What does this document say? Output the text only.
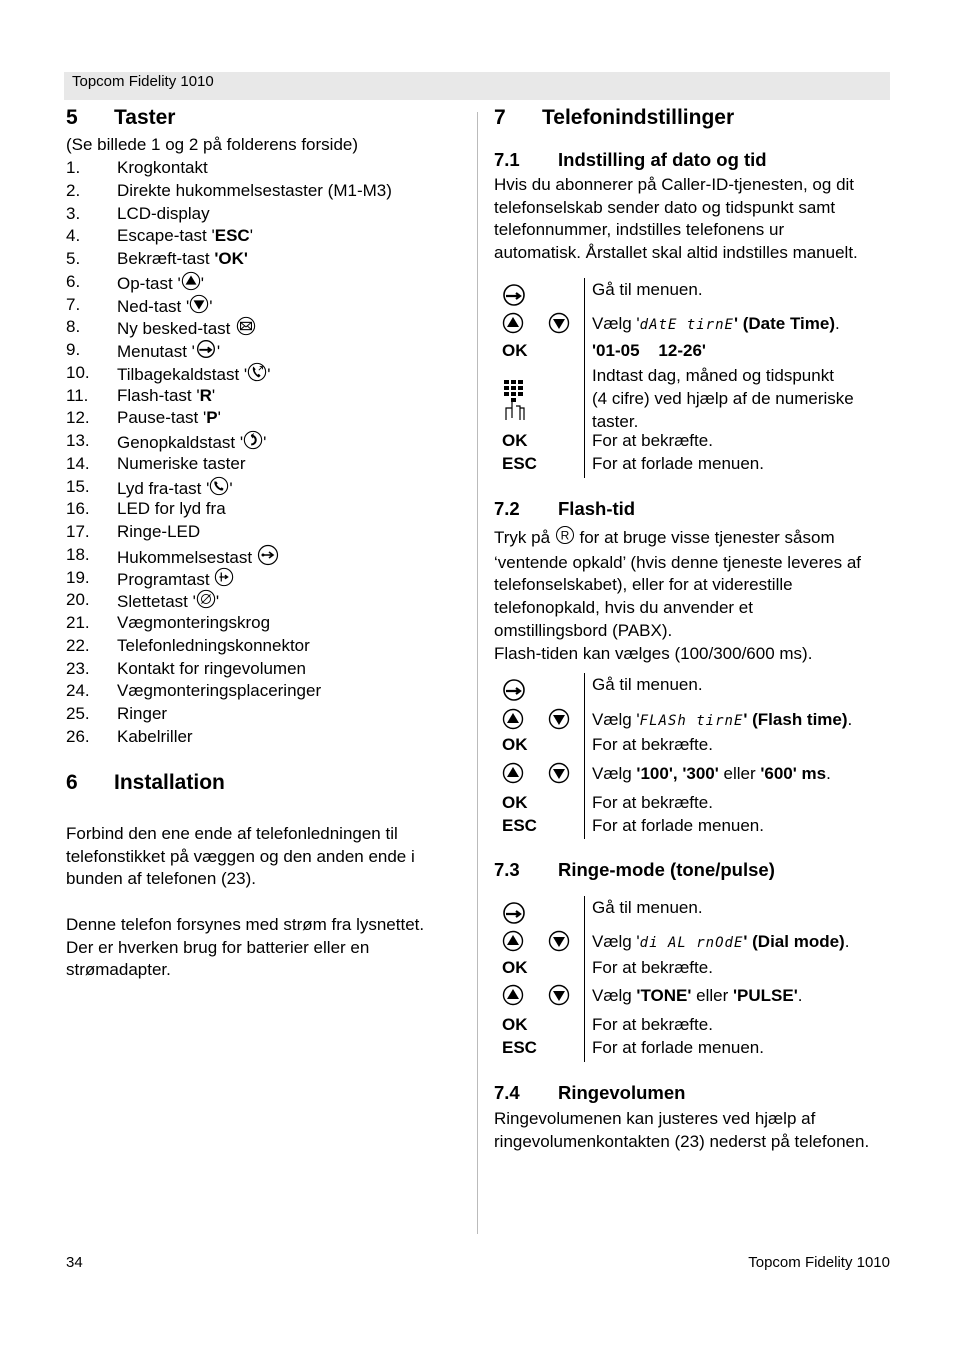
Topcom Fidelity 1010
5 Taster
(Se billede 1 og 2 på folderens forside)
1. Krogkontakt
2. Direkte hukommelsestaster (M1-M3)
3. LCD-display
4. Escape-tast 'ESC'
5. Bekræft-tast 'OK'
6. Op-tast ' '
7. Ned-tast ' '
8. Ny besked-tast
9. Menutast ' '
10. Tilbagekaldstast ' '
11. Flash-tast 'R'
12. Pause-tast 'P'
13. Genopkaldstast ' '
14. Numeriske taster
15. Lyd fra-tast ' '
16. LED for lyd fra
17. Ringe-LED
18. Hukommelsestast
19. Programtast
20. Slettetast ' '
21. Vægmonteringskrog
22. Telefonledningskonnektor
23. Kontakt for ringevolumen
24. Vægmonteringsplaceringer
25. Ringer
26. Kabelriller
6 Installation
Forbind den ene ende af telefonledningen til
telefonstikket på væggen og den anden ende i
bunden af telefonen (23).
Denne telefon forsynes med strøm fra lysnettet.
Der er hverken brug for batterier eller en
strømadapter.
7 Telefonindstillinger
7.1 Indstilling af dato og tid
Hvis du abonnerer på Caller-ID-tjenesten, og dit
telefonselskab sender dato og tidspunkt samt
telefonnummer, indstilles telefonens ur
automatisk. Årstallet skal altid indstilles manuelt.
Gå til menuen.
Vælg 'dAtE tirnE' (Date Time).
OK	'01-05    12-26'
Indtast dag, måned og tidspunkt
(4 cifre) ved hjælp af de numeriske
taster.
OK	For at bekræfte.
ESC	For at forlade menuen.
7.2 Flash-tid
Tryk på R for at bruge visse tjenester såsom
‘ventende opkald’ (hvis denne tjeneste leveres af
telefonselskabet), eller for at viderestille
telefonopkald, hvis du anvender et
omstillingsbord (PABX).
Flash-tiden kan vælges (100/300/600 ms).
Gå til menuen.
Vælg 'FLASh tirnE' (Flash time).
OK	For at bekræfte.
Vælg '100', '300' eller '600' ms.
OK	For at bekræfte.
ESC	For at forlade menuen.
7.3 Ringe-mode (tone/pulse)
Gå til menuen.
Vælg 'di AL rnOdE' (Dial mode).
OK	For at bekræfte.
Vælg 'TONE' eller 'PULSE'.
OK	For at bekræfte.
ESC	For at forlade menuen.
7.4 Ringevolumen
Ringevolumenen kan justeres ved hjælp af
ringevolumenkontakten (23) nederst på telefonen.
34	Topcom Fidelity 1010
